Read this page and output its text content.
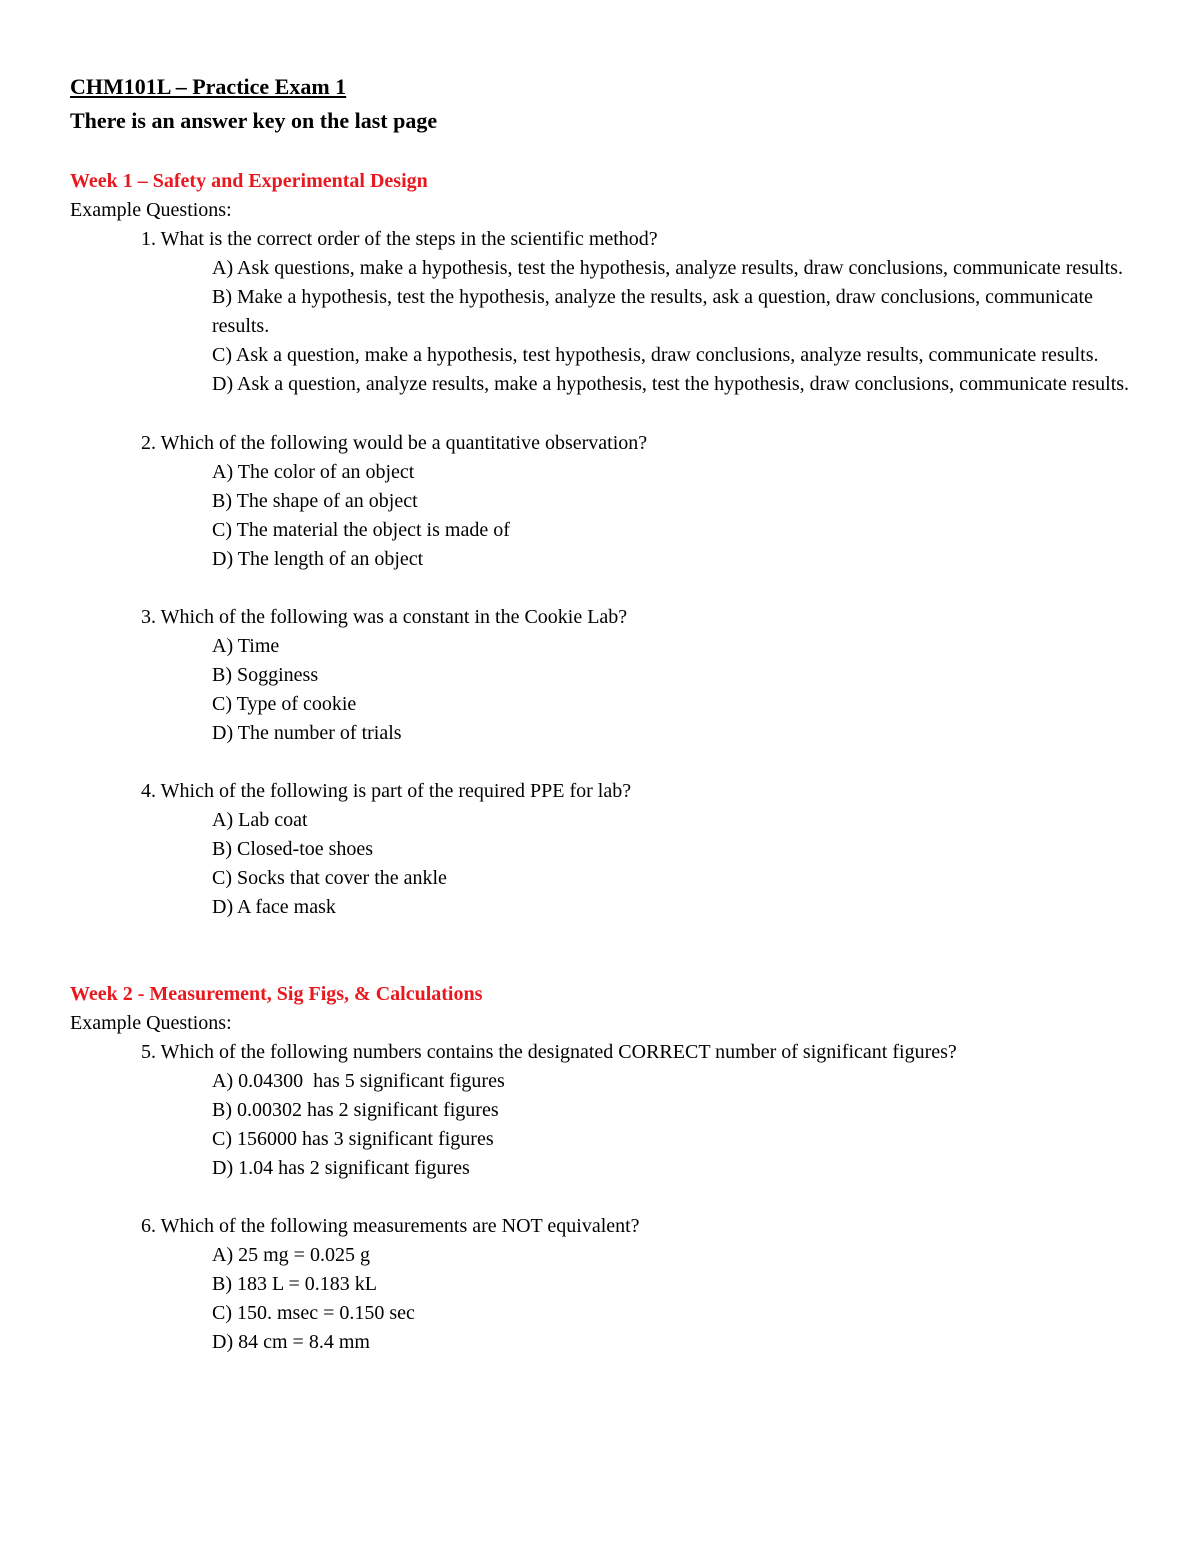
CHM101L – Practice Exam 1
There is an answer key on the last page
Week 1 – Safety and Experimental Design
Example Questions:
1. What is the correct order of the steps in the scientific method?
A) Ask questions, make a hypothesis, test the hypothesis, analyze results, draw conclusions, communicate results.
B) Make a hypothesis, test the hypothesis, analyze the results, ask a question, draw conclusions, communicate results.
C) Ask a question, make a hypothesis, test hypothesis, draw conclusions, analyze results, communicate results.
D) Ask a question, analyze results, make a hypothesis, test the hypothesis, draw conclusions, communicate results.
2. Which of the following would be a quantitative observation?
A) The color of an object
B) The shape of an object
C) The material the object is made of
D) The length of an object
3. Which of the following was a constant in the Cookie Lab?
A) Time
B) Sogginess
C) Type of cookie
D) The number of trials
4. Which of the following is part of the required PPE for lab?
A) Lab coat
B) Closed-toe shoes
C) Socks that cover the ankle
D) A face mask
Week 2 - Measurement, Sig Figs, & Calculations
Example Questions:
5. Which of the following numbers contains the designated CORRECT number of significant figures?
A) 0.04300  has 5 significant figures
B) 0.00302 has 2 significant figures
C) 156000 has 3 significant figures
D) 1.04 has 2 significant figures
6. Which of the following measurements are NOT equivalent?
A) 25 mg = 0.025 g
B) 183 L = 0.183 kL
C) 150. msec = 0.150 sec
D) 84 cm = 8.4 mm
